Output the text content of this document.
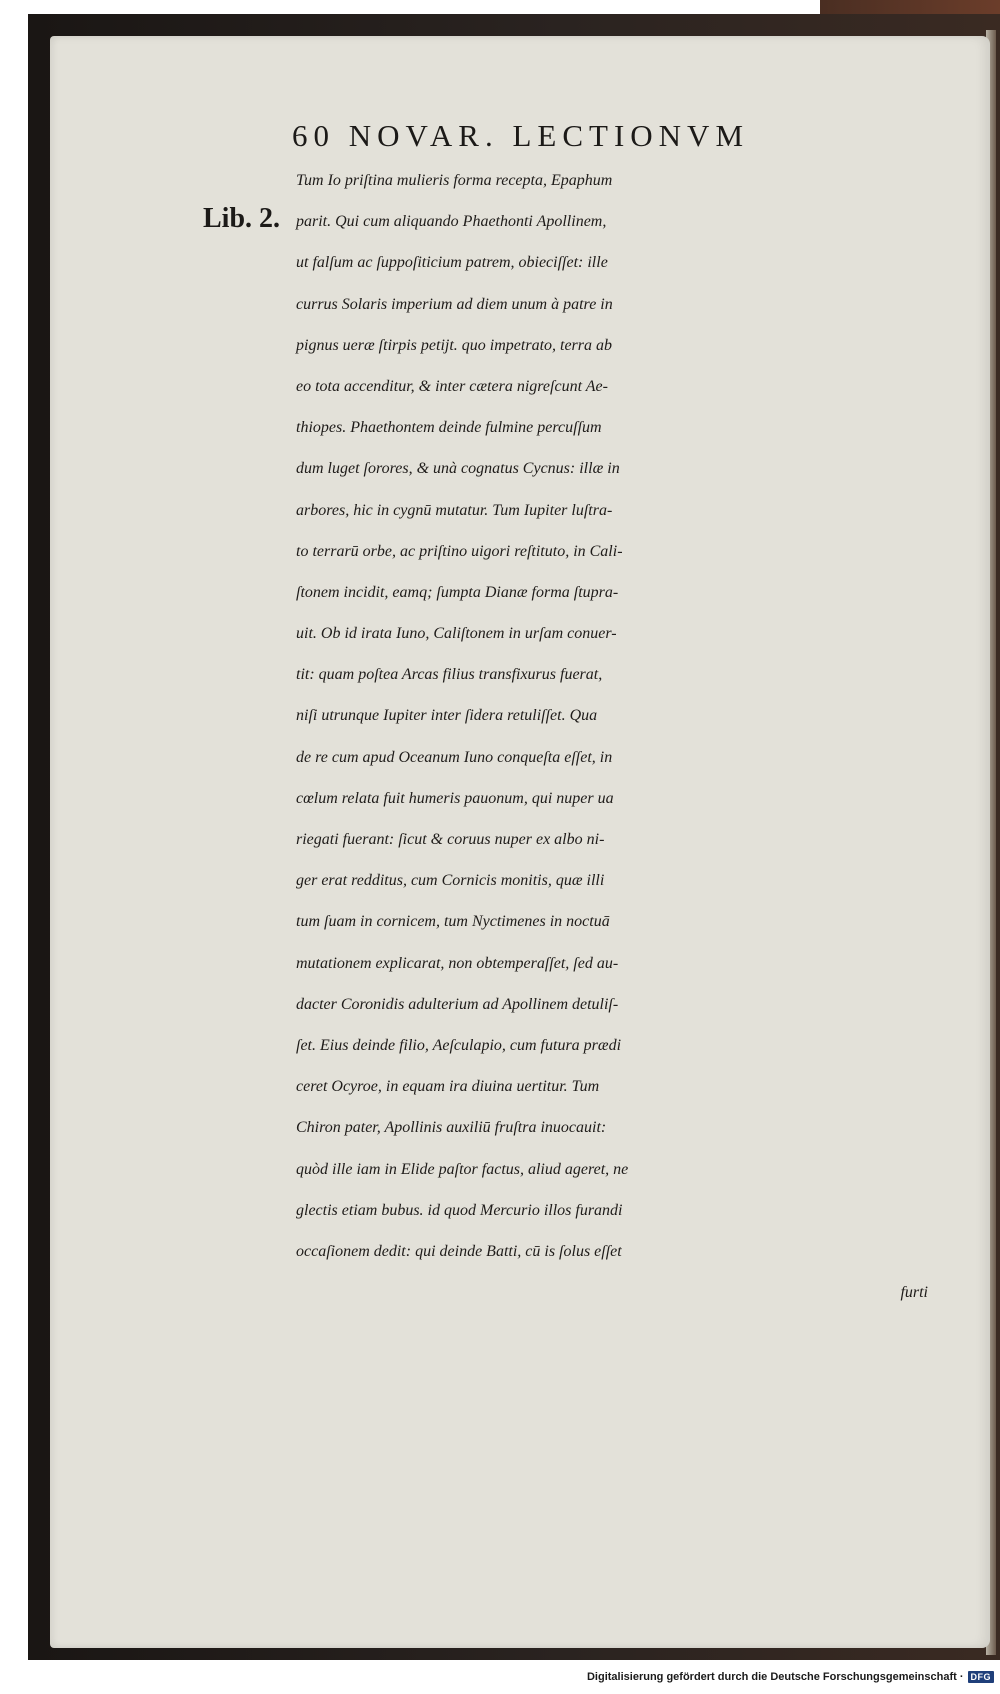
60 NOVAR. LECTIONVM
Lib. 2.
Tum Io priſtina mulieris forma recepta, Epaphum
parit. Qui cum aliquando Phaethonti Apollinem,
ut falſum ac ſuppoſiticium patrem, obieciſſet: ille
currus Solaris imperium ad diem unum à patre in
pignus ueræ ſtirpis petijt. quo impetrato, terra ab
eo tota accenditur, & inter cætera nigreſcunt Ae-
thiopes. Phaethontem deinde fulmine percuſſum
dum luget ſorores, & unà cognatus Cycnus: illæ in
arbores, hic in cygnū mutatur. Tum Iupiter luſtra-
to terrarū orbe, ac priſtino uigori reſtituto, in Cali-
ſtonem incidit, eamq; ſumpta Dianæ forma ſtupra-
uit. Ob id irata Iuno, Caliſtonem in urſam conuer-
tit: quam poſtea Arcas filius transfixurus fuerat,
niſi utrunque Iupiter inter ſidera retuliſſet. Qua
de re cum apud Oceanum Iuno conqueſta eſſet, in
cœlum relata fuit humeris pauonum, qui nuper ua
riegati fuerant: ſicut & coruus nuper ex albo ni-
ger erat redditus, cum Cornicis monitis, quæ illi
tum ſuam in cornicem, tum Nyctimenes in noctuā
mutationem explicarat, non obtemperaſſet, ſed au-
dacter Coronidis adulterium ad Apollinem detuliſ-
ſet. Eius deinde filio, Aeſculapio, cum futura prædi
ceret Ocyroe, in equam ira diuina uertitur. Tum
Chiron pater, Apollinis auxiliū fruſtra inuocauit:
quòd ille iam in Elide paſtor factus, aliud ageret, ne
glectis etiam bubus. id quod Mercurio illos furandi
occaſionem dedit: qui deinde Batti, cū is ſolus eſſet
furti
Digitalisierung gefördert durch die Deutsche Forschungsgemeinschaft · DFG
